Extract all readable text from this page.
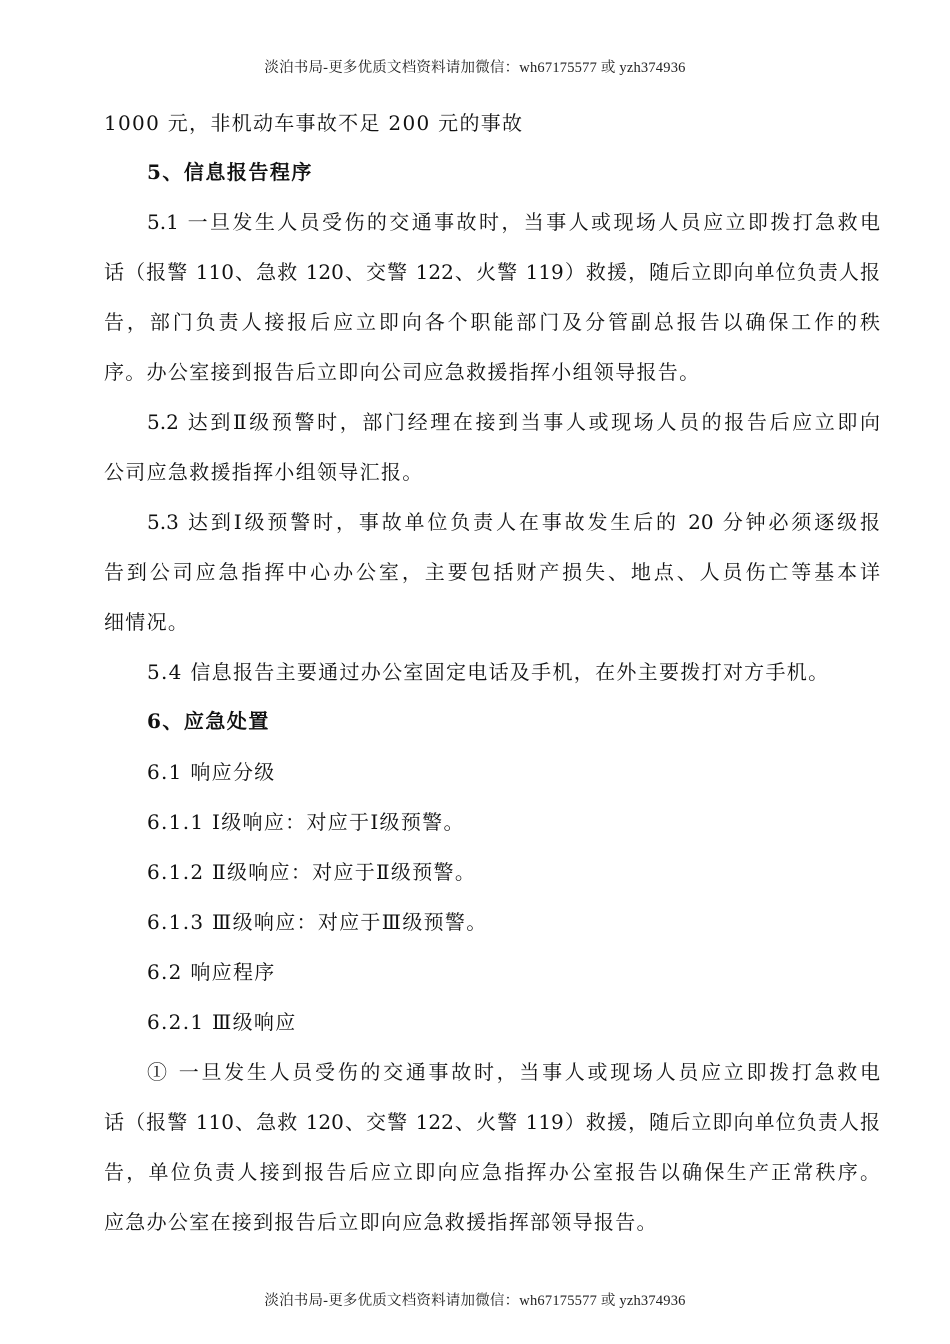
淡泊书局-更多优质文档资料请加微信：wh67175577 或 yzh374936
1000 元，非机动车事故不足 200 元的事故
5、信息报告程序
5.1 一旦发生人员受伤的交通事故时，当事人或现场人员应立即拨打急救电
话（报警 110、急救 120、交警 122、火警 119）救援，随后立即向单位负责人报
告，部门负责人接报后应立即向各个职能部门及分管副总报告以确保工作的秩
序。办公室接到报告后立即向公司应急救援指挥小组领导报告。
5.2 达到Ⅱ级预警时，部门经理在接到当事人或现场人员的报告后应立即向
公司应急救援指挥小组领导汇报。
5.3 达到Ⅰ级预警时，事故单位负责人在事故发生后的 20 分钟必须逐级报
告到公司应急指挥中心办公室，主要包括财产损失、地点、人员伤亡等基本详
细情况。
5.4 信息报告主要通过办公室固定电话及手机，在外主要拨打对方手机。
6、应急处置
6.1 响应分级
6.1.1 Ⅰ级响应：对应于Ⅰ级预警。
6.1.2 Ⅱ级响应：对应于Ⅱ级预警。
6.1.3 Ⅲ级响应：对应于Ⅲ级预警。
6.2 响应程序
6.2.1 Ⅲ级响应
① 一旦发生人员受伤的交通事故时，当事人或现场人员应立即拨打急救电
话（报警 110、急救 120、交警 122、火警 119）救援，随后立即向单位负责人报
告，单位负责人接到报告后应立即向应急指挥办公室报告以确保生产正常秩序。
应急办公室在接到报告后立即向应急救援指挥部领导报告。
淡泊书局-更多优质文档资料请加微信：wh67175577 或 yzh374936
